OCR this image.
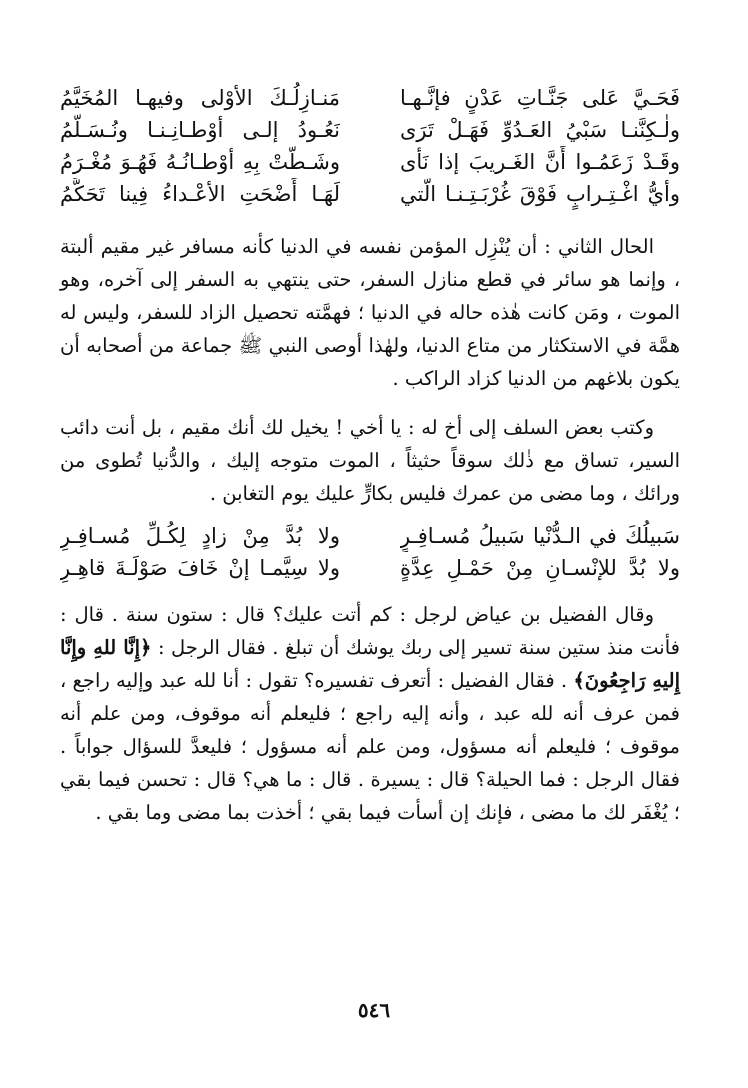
فَحَـيَّ عَلى جَنَّـاتِ عَدْنٍ فإنَّـهـا
مَنـازِلُـكَ الأوْلى وفيهـا المُخَيَّمُ
ولٰـكِنَّنـا سَبْيُ العَـدُوِّ فَهَـلْ تَرَى
نَعُـودُ إلـى أوْطـانِـنـا ونُـسَـلَّمُ
وقَـدْ زَعَمُـوا أَنَّ الغَـريبَ إذا نَأى
وشَـطَّتْ بِهِ أوْطـانُـهُ فَهُـوَ مُغْـرَمُ
وأيُّ اغْـتِـرابٍ فَوْقَ غُرْبَـتِـنـا الَّتي
لَهَـا أَضْحَتِ الأعْـداءُ فِينا تَحَكَّمُ

الحال الثاني : أن يُنْزِل المؤمن نفسه في الدنيا كأنه مسافر غير مقيم ألبتة ، وإنما هو سائر في قطع منازل السفر، حتى ينتهي به السفر إلى آخره، وهو الموت ، ومَن كانت هٰذه حاله في الدنيا ؛ فهمَّته تحصيل الزاد للسفر، وليس له همَّة في الاستكثار من متاع الدنيا، ولهٰذا أوصى النبي ﷺ جماعة من أصحابه أن يكون بلاغهم من الدنيا كزاد الراكب .

وكتب بعض السلف إلى أخ له : يا أخي ! يخيل لك أنك مقيم ، بل أنت دائب السير، تساق مع ذٰلك سوقاً حثيثاً ، الموت متوجه إليك ، والدُّنيا تُطوى من ورائك ، وما مضى من عمرك فليس بكارٍّ عليك يوم التغابن .

سَبيلُكَ في الـدُّنْيا سَبيلُ مُسـافِـرٍ
ولا بُدَّ مِنْ زادٍ لِكُـلِّ مُسـافِـرِ
ولا بُدَّ للإنْسـانِ مِنْ حَمْـلِ عِدَّةٍ
ولا سِيَّمـا إنْ خَافَ صَوْلَـةَ قاهِـرِ

وقال الفضيل بن عياض لرجل : كم أتت عليك؟ قال : ستون سنة . قال : فأنت منذ ستين سنة تسير إلى ربك يوشك أن تبلغ . فقال الرجل : ﴿إِنَّا للهِ وإِنَّا إِليهِ رَاجِعُونَ﴾ . فقال الفضيل : أتعرف تفسيره؟ تقول : أنا لله عبد وإليه راجع ، فمن عرف أنه لله عبد ، وأنه إليه راجع ؛ فليعلم أنه موقوف، ومن علم أنه موقوف ؛ فليعلم أنه مسؤول، ومن علم أنه مسؤول ؛ فليعدَّ للسؤال جواباً . فقال الرجل : فما الحيلة؟ قال : يسيرة . قال : ما هي؟ قال : تحسن فيما بقي ؛ يُغْفَر لك ما مضى ، فإنك إن أسأت فيما بقي ؛ أخذت بما مضى وما بقي .

٥٤٦
